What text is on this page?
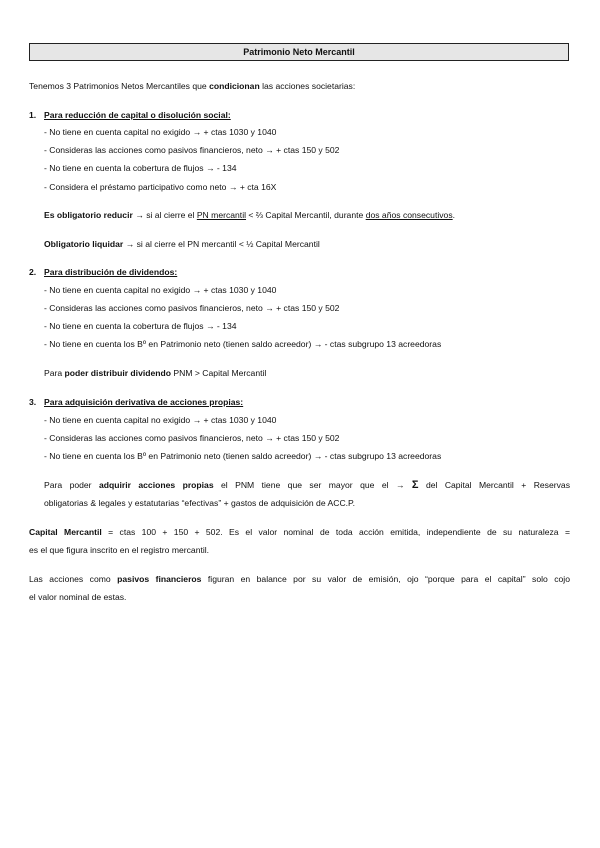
Patrimonio Neto Mercantil
Tenemos 3 Patrimonios Netos Mercantiles que condicionan las acciones societarias:
1. Para reducción de capital o disolución social:
- No tiene en cuenta capital no exigido → + ctas 1030 y 1040
- Consideras las acciones como pasivos financieros, neto → + ctas 150 y 502
- No tiene en cuenta la cobertura de flujos → - 134
- Considera el préstamo participativo como neto → + cta 16X
Es obligatorio reducir → si al cierre el PN mercantil < ⅔ Capital Mercantil, durante dos años consecutivos.
Obligatorio liquidar → si al cierre el PN mercantil < ½ Capital Mercantil
2. Para distribución de dividendos:
- No tiene en cuenta capital no exigido → + ctas 1030 y 1040
- Consideras las acciones como pasivos financieros, neto → + ctas 150 y 502
- No tiene en cuenta la cobertura de flujos → - 134
- No tiene en cuenta los Bº en Patrimonio neto (tienen saldo acreedor) → - ctas subgrupo 13 acreedoras
Para poder distribuir dividendo PNM > Capital Mercantil
3. Para adquisición derivativa de acciones propias:
- No tiene en cuenta capital no exigido → + ctas 1030 y 1040
- Consideras las acciones como pasivos financieros, neto → + ctas 150 y 502
- No tiene en cuenta los Bº en Patrimonio neto (tienen saldo acreedor) → - ctas subgrupo 13 acreedoras
Para poder adquirir acciones propias el PNM tiene que ser mayor que el → Σ del Capital Mercantil + Reservas
obligatorias & legales y estatutarias “efectivas” + gastos de adquisición de ACC.P.
Capital Mercantil = ctas 100 + 150 + 502. Es el valor nominal de toda acción emitida, independiente de su naturaleza =
es el que figura inscrito en el registro mercantil.
Las acciones como pasivos financieros figuran en balance por su valor de emisión, ojo “porque para el capital” solo cojo
el valor nominal de estas.
